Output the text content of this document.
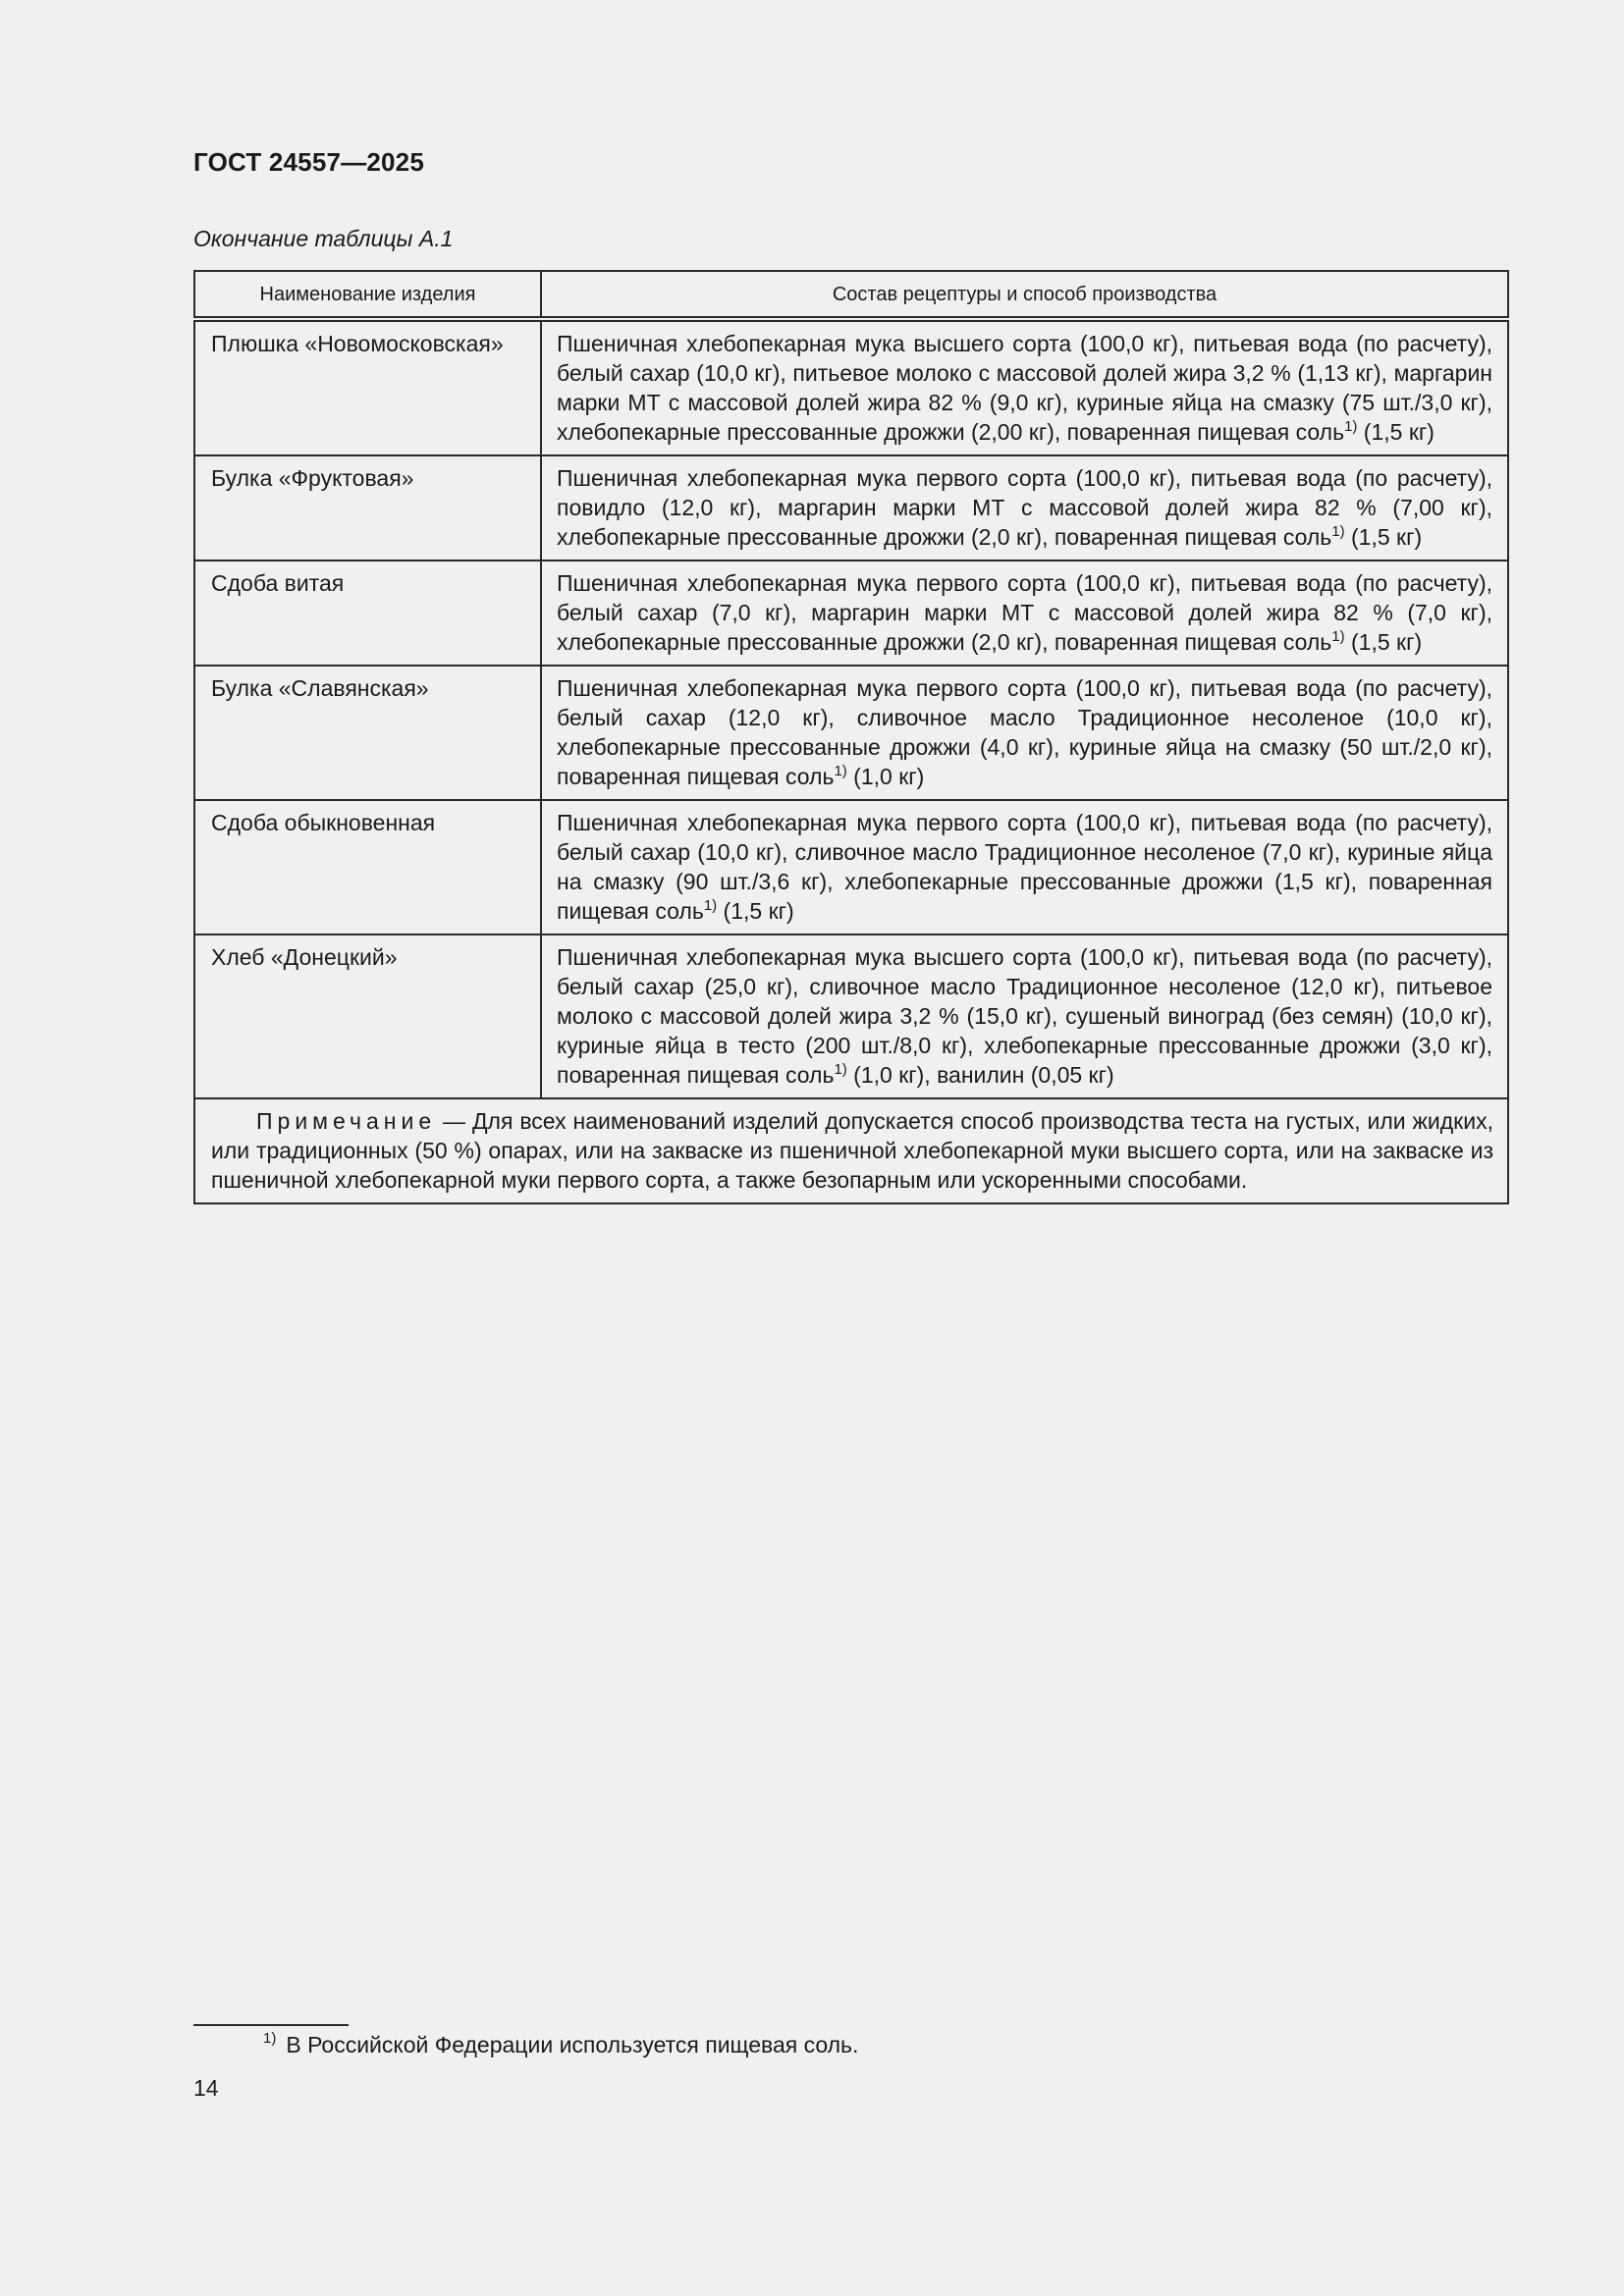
ГОСТ 24557—2025

Окончание таблицы А.1

Наименование изделия	Состав рецептуры и способ производства
Плюшка «Новомосковская»	Пшеничная хлебопекарная мука высшего сорта (100,0 кг), питьевая вода (по расчету), белый сахар (10,0 кг), питьевое молоко с массовой долей жира 3,2 % (1,13 кг), маргарин марки МТ с массовой долей жира 82 % (9,0 кг), куриные яйца на смазку (75 шт./3,0 кг), хлебопекарные прессованные дрожжи (2,00 кг), поваренная пищевая соль$^{1)}$ (1,5 кг)
Булка «Фруктовая»	Пшеничная хлебопекарная мука первого сорта (100,0 кг), питьевая вода (по расчету), повидло (12,0 кг), маргарин марки МТ с массовой долей жира 82 % (7,00 кг), хлебопекарные прессованные дрожжи (2,0 кг), поваренная пищевая соль$^{1)}$ (1,5 кг)
Сдоба витая	Пшеничная хлебопекарная мука первого сорта (100,0 кг), питьевая вода (по расчету), белый сахар (7,0 кг), маргарин марки МТ с массовой долей жира 82 % (7,0 кг), хлебопекарные прессованные дрожжи (2,0 кг), поваренная пищевая соль$^{1)}$ (1,5 кг)
Булка «Славянская»	Пшеничная хлебопекарная мука первого сорта (100,0 кг), питьевая вода (по расчету), белый сахар (12,0 кг), сливочное масло Традиционное несоленое (10,0 кг), хлебопекарные прессованные дрожжи (4,0 кг), куриные яйца на смазку (50 шт./2,0 кг), поваренная пищевая соль$^{1)}$ (1,0 кг)
Сдоба обыкновенная	Пшеничная хлебопекарная мука первого сорта (100,0 кг), питьевая вода (по расчету), белый сахар (10,0 кг), сливочное масло Традиционное несоленое (7,0 кг), куриные яйца на смазку (90 шт./3,6 кг), хлебопекарные прессованные дрожжи (1,5 кг), поваренная пищевая соль$^{1)}$ (1,5 кг)
Хлеб «Донецкий»	Пшеничная хлебопекарная мука высшего сорта (100,0 кг), питьевая вода (по расчету), белый сахар (25,0 кг), сливочное масло Традиционное несоленое (12,0 кг), питьевое молоко с массовой долей жира 3,2 % (15,0 кг), сушеный виноград (без семян) (10,0 кг), куриные яйца в тесто (200 шт./8,0 кг), хлебопекарные прессованные дрожжи (3,0 кг), поваренная пищевая соль$^{1)}$ (1,0 кг), ванилин (0,05 кг)
Примечание — Для всех наименований изделий допускается способ производства теста на густых, или жидких, или традиционных (50 %) опарах, или на закваске из пшеничной хлебопекарной муки высшего сорта, или на закваске из пшеничной хлебопекарной муки первого сорта, а также безопарным или ускоренными способами.	

$^{1)}$ В Российской Федерации используется пищевая соль.

14
